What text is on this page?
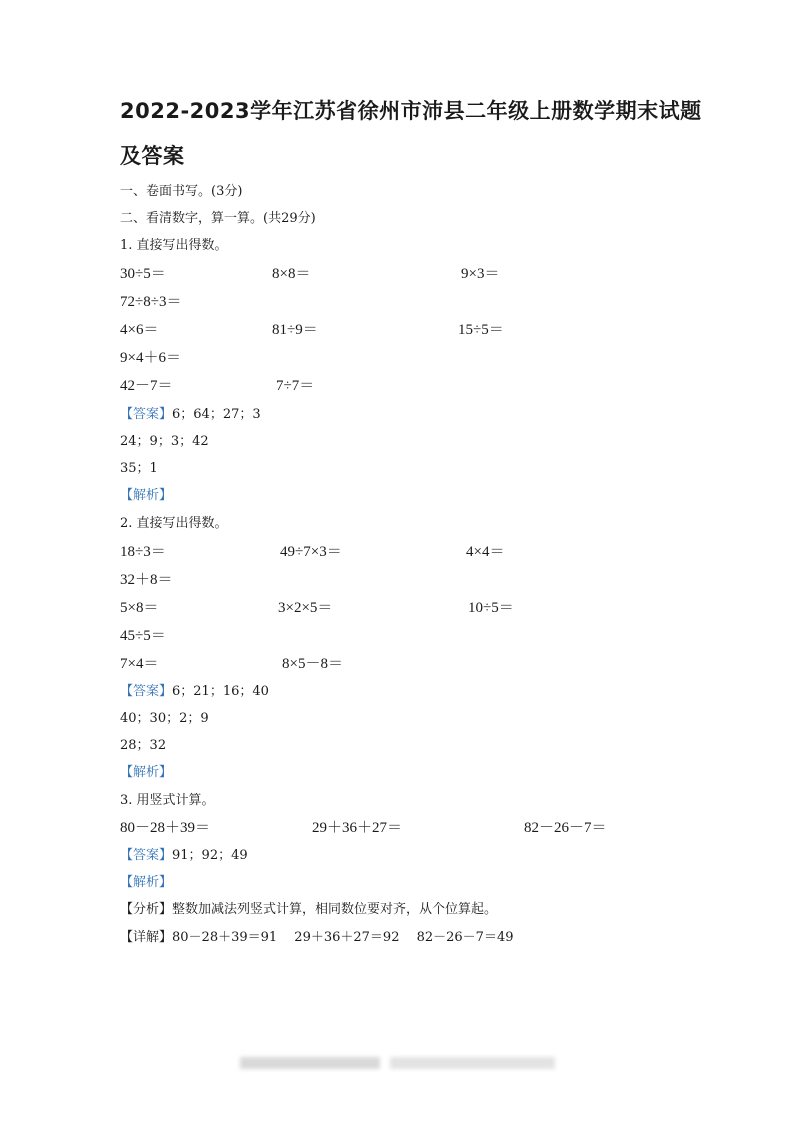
2022-2023学年江苏省徐州市沛县二年级上册数学期末试题
及答案
一、卷面书写。(3分)
二、看清数字，算一算。(共29分)
1. 直接写出得数。
30÷5＝	8×8＝	9×3＝
72÷8÷3＝
4×6＝	81÷9＝	15÷5＝
9×4＋6＝
42－7＝	7÷7＝
【答案】6；64；27；3
24；9；3；42
35；1
【解析】
2. 直接写出得数。
18÷3＝	49÷7×3＝	4×4＝
32＋8＝
5×8＝	3×2×5＝	10÷5＝
45÷5＝
7×4＝	8×5－8＝
【答案】6；21；16；40
40；30；2；9
28；32
【解析】
3. 用竖式计算。
80－28＋39＝	29＋36＋27＝	82－26－7＝
【答案】91；92；49
【解析】
【分析】整数加减法列竖式计算，相同数位要对齐，从个位算起。
【详解】80－28＋39＝91　 29＋36＋27＝92　 82－26－7＝49
